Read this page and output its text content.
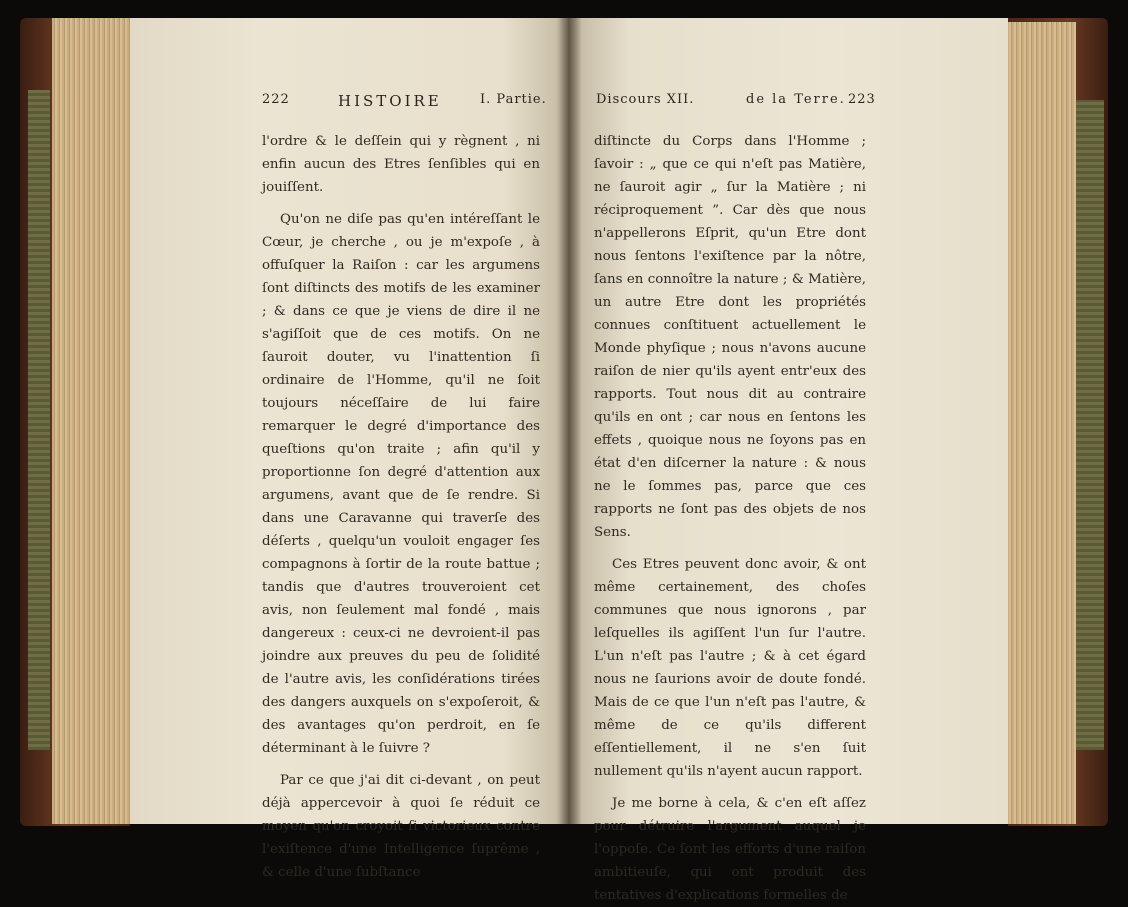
222	HISTOIRE	I. Partie.

l'ordre & le deſſein qui y règnent , ni enfin aucun des Etres ſenſibles qui en jouiſſent.

Qu'on ne diſe pas qu'en intéreſſant le Cœur, je cherche , ou je m'expoſe , à offuſquer la Raiſon : car les argumens ſont diſtincts des motifs de les examiner ; & dans ce que je viens de dire il ne s'agiſſoit que de ces motifs. On ne ſauroit douter, vu l'inattention ſi ordinaire de l'Homme, qu'il ne ſoit toujours néceſſaire de lui faire remarquer le degré d'importance des queſtions qu'on traite ; afin qu'il y proportionne ſon degré d'attention aux argumens, avant que de ſe rendre. Si dans une Caravanne qui traverſe des déſerts , quelqu'un vouloit engager ſes compagnons à ſortir de la route battue ; tandis que d'autres trouveroient cet avis, non ſeulement mal fondé , mais dangereux : ceux-ci ne devroient-il pas joindre aux preuves du peu de ſolidité de l'autre avis, les conſidérations tirées des dangers auxquels on s'expoſeroit, & des avantages qu'on perdroit, en ſe déterminant à le ſuivre ?

Par ce que j'ai dit ci-devant , on peut déjà appercevoir à quoi ſe réduit ce moyen qu'on croyoit ſi victorieux contre l'exiſtence d'une Intelligence ſuprême , & celle d'une ſubſtance

Discours XII.	de la Terre. 223

diſtincte du Corps dans l'Homme ; ſavoir : „ que ce qui n'eſt pas Matière, ne ſauroit agir „ ſur la Matière ; ni réciproquement ”. Car dès que nous n'appellerons Eſprit, qu'un Etre dont nous ſentons l'exiſtence par la nôtre, ſans en connoître la nature ; & Matière, un autre Etre dont les propriétés connues conſtituent actuellement le Monde phyſique ; nous n'avons aucune raiſon de nier qu'ils ayent entr'eux des rapports. Tout nous dit au contraire qu'ils en ont ; car nous en ſentons les effets , quoique nous ne ſoyons pas en état d'en diſcerner la nature : & nous ne le ſommes pas, parce que ces rapports ne ſont pas des objets de nos Sens.

Ces Etres peuvent donc avoir, & ont même certainement, des choſes communes que nous ignorons , par leſquelles ils agiſſent l'un ſur l'autre. L'un n'eſt pas l'autre ; & à cet égard nous ne ſaurions avoir de doute fondé. Mais de ce que l'un n'eſt pas l'autre, & même de ce qu'ils different eſſentiellement, il ne s'en ſuit nullement qu'ils n'ayent aucun rapport.

Je me borne à cela, & c'en eſt aſſez pour détruire l'argument auquel je l'oppoſe. Ce ſont les efforts d'une raiſon ambitieuſe, qui ont produit des tentatives d'explications formelles de
